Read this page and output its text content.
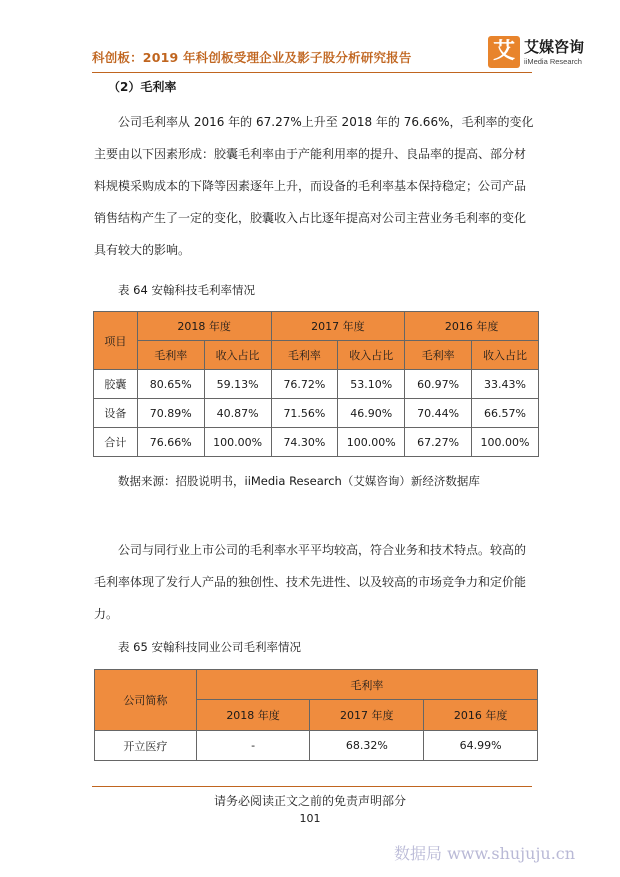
科创板：2019 年科创板受理企业及影子股分析研究报告	艾 艾媒咨询
iiMedia Research
（2）毛利率

公司毛利率从 2016 年的 67.27%上升至 2018 年的 76.66%，毛利率的变化主要由以下因素形成：胶囊毛利率由于产能利用率的提升、良品率的提高、部分材料规模采购成本的下降等因素逐年上升，而设备的毛利率基本保持稳定；公司产品销售结构产生了一定的变化，胶囊收入占比逐年提高对公司主营业务毛利率的变化具有较大的影响。

表 64 安翰科技毛利率情况
项目	2018 年度		2017 年度		2016 年度	
	毛利率	收入占比	毛利率	收入占比	毛利率	收入占比
胶囊	80.65%	59.13%	76.72%	53.10%	60.97%	33.43%
设备	70.89%	40.87%	71.56%	46.90%	70.44%	66.57%
合计	76.66%	100.00%	74.30%	100.00%	67.27%	100.00%
数据来源：招股说明书，iiMedia Research（艾媒咨询）新经济数据库

公司与同行业上市公司的毛利率水平平均较高，符合业务和技术特点。较高的毛利率体现了发行人产品的独创性、技术先进性、以及较高的市场竞争力和定价能力。

表 65 安翰科技同业公司毛利率情况
公司简称	毛利率		
	2018 年度	2017 年度	2016 年度
开立医疗	-	68.32%	64.99%
请务必阅读正文之前的免责声明部分
101
数据局 www.shujuju.cn
